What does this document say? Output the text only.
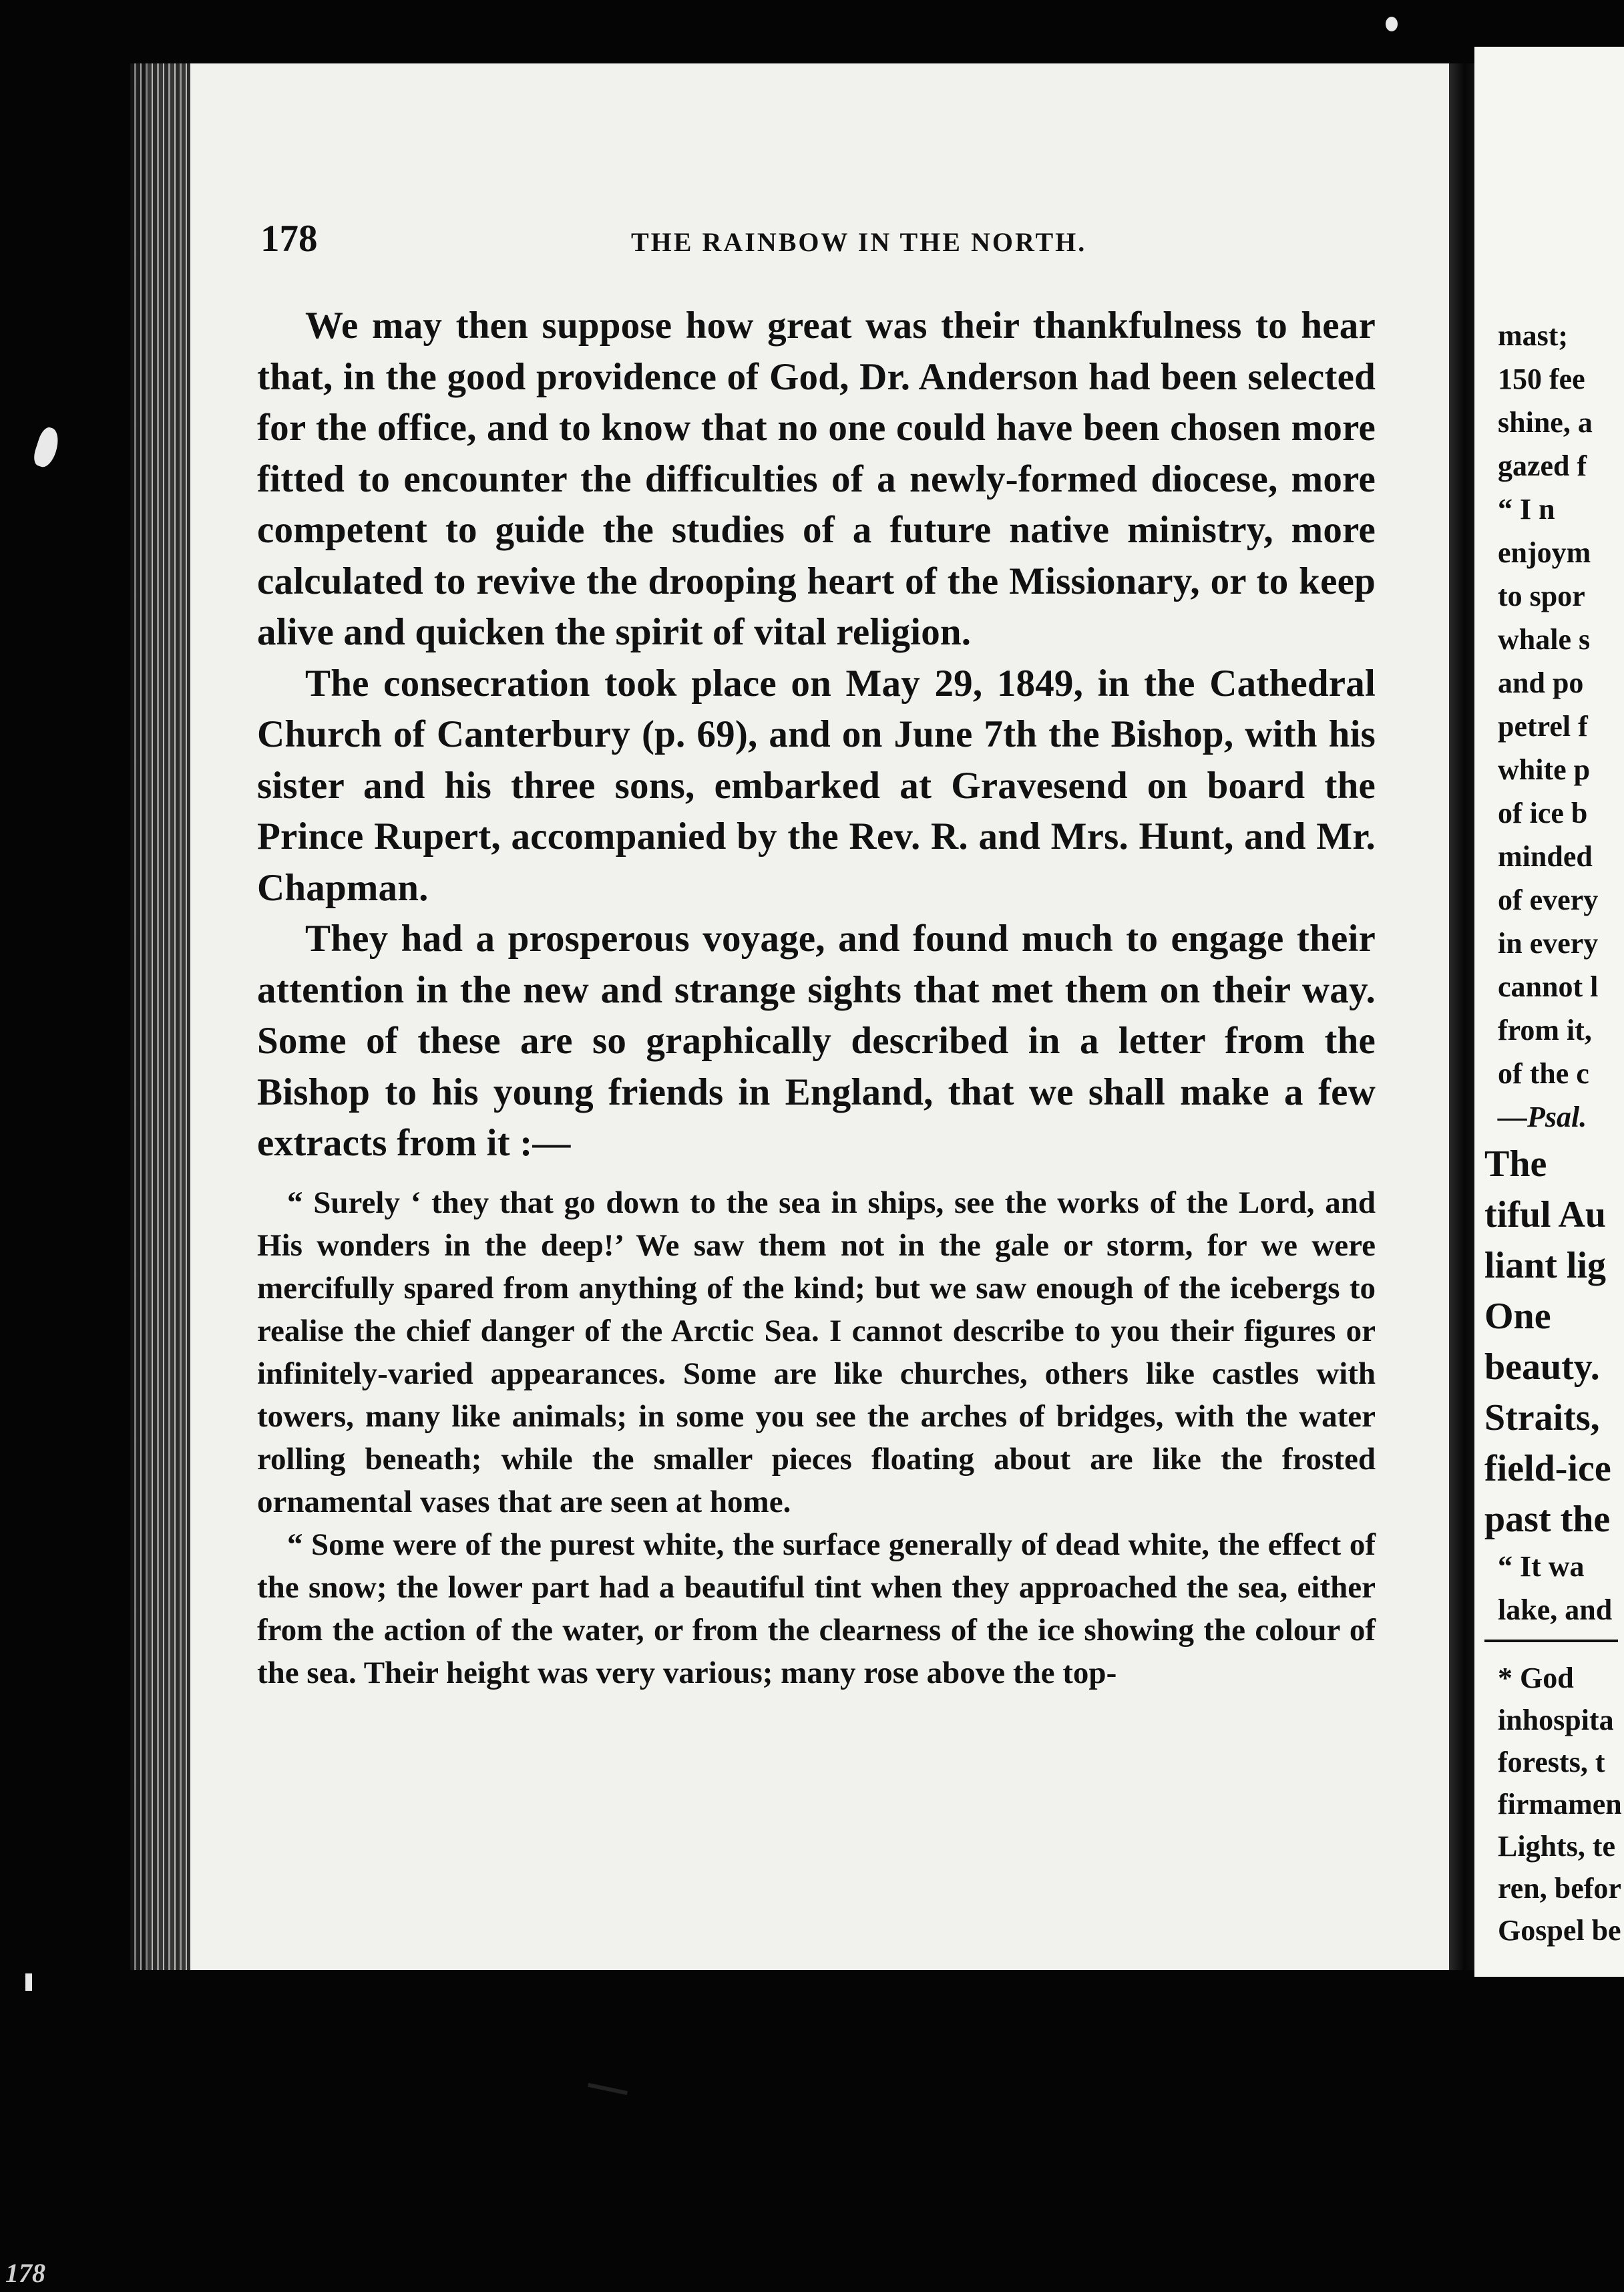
178	THE RAINBOW IN THE NORTH.

We may then suppose how great was their thankfulness to hear that, in the good providence of God, Dr. Anderson had been selected for the office, and to know that no one could have been chosen more fitted to encounter the difficulties of a newly-formed diocese, more competent to guide the studies of a future native ministry, more calculated to revive the drooping heart of the Missionary, or to keep alive and quicken the spirit of vital religion.

The consecration took place on May 29, 1849, in the Cathedral Church of Canterbury (p. 69), and on June 7th the Bishop, with his sister and his three sons, embarked at Gravesend on board the Prince Rupert, accompanied by the Rev. R. and Mrs. Hunt, and Mr. Chapman.

They had a prosperous voyage, and found much to engage their attention in the new and strange sights that met them on their way. Some of these are so graphically described in a letter from the Bishop to his young friends in England, that we shall make a few extracts from it :—

“ Surely ‘ they that go down to the sea in ships, see the works of the Lord, and His wonders in the deep!’ We saw them not in the gale or storm, for we were mercifully spared from anything of the kind; but we saw enough of the icebergs to realise the chief danger of the Arctic Sea. I cannot describe to you their figures or infinitely-varied appearances. Some are like churches, others like castles with towers, many like animals; in some you see the arches of bridges, with the water rolling beneath; while the smaller pieces floating about are like the frosted ornamental vases that are seen at home.

“ Some were of the purest white, the surface generally of dead white, the effect of the snow; the lower part had a beautiful tint when they approached the sea, either from the action of the water, or from the clearness of the ice showing the colour of the sea. Their height was very various; many rose above the top-

mast;
150 fee
shine, a
gazed f
“ I n
enjoym
to spor
whale s
and po
petrel f
white p
of ice b
minded
of every
in every
cannot l
from it,
of the c
—Psal.
The
tiful Au
liant lig
One
beauty.
Straits,
field-ice
past the
“ It wa
lake, and
* God
inhospita
forests, t
firmamen
Lights, te
ren, befor
Gospel be
178
